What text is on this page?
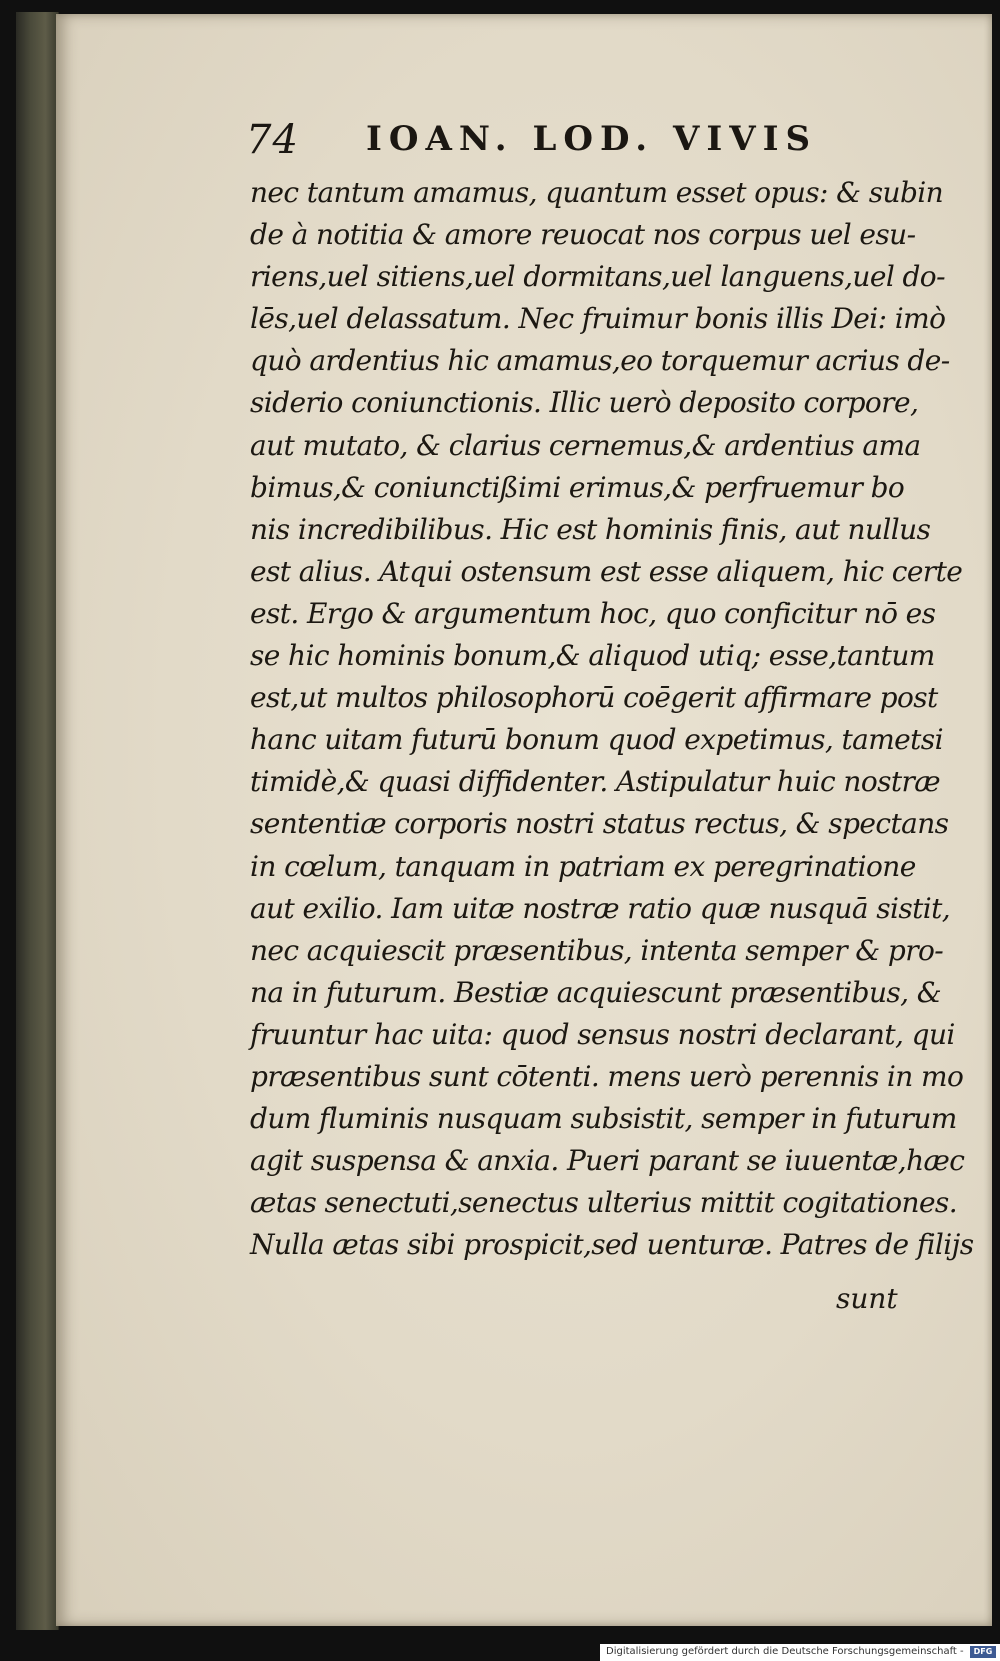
74 IOAN. LOD. VIVIS
nec tantum amamus, quantum esset opus: & subin
de à notitia & amore reuocat nos corpus uel esu-
riens,uel sitiens,uel dormitans,uel languens,uel do-
lēs,uel delassatum. Nec fruimur bonis illis Dei: imò
quò ardentius hic amamus,eo torquemur acrius de-
siderio coniunctionis. Illic uerò deposito corpore,
aut mutato, & clarius cernemus,& ardentius ama
bimus,& coniunctißimi erimus,& perfruemur bo
nis incredibilibus. Hic est hominis finis, aut nullus
est alius. Atqui ostensum est esse aliquem, hic certe
est. Ergo & argumentum hoc, quo conficitur nō es
se hic hominis bonum,& aliquod utiq; esse,tantum
est,ut multos philosophorū coēgerit affirmare post
hanc uitam futurū bonum quod expetimus, tametsi
timidè,& quasi diffidenter. Astipulatur huic nostræ
sententiæ corporis nostri status rectus, & spectans
in cœlum, tanquam in patriam ex peregrinatione
aut exilio. Iam uitæ nostræ ratio quæ nusquā sistit,
nec acquiescit præsentibus, intenta semper & pro-
na in futurum. Bestiæ acquiescunt præsentibus, &
fruuntur hac uita: quod sensus nostri declarant, qui
præsentibus sunt cōtenti. mens uerò perennis in mo
dum fluminis nusquam subsistit, semper in futurum
agit suspensa & anxia. Pueri parant se iuuentæ,hæc
ætas senectuti,senectus ulterius mittit cogitationes.
Nulla ætas sibi prospicit,sed uenturæ. Patres de filijs
sunt
Digitalisierung gefördert durch die Deutsche Forschungsgemeinschaft -	DFG
